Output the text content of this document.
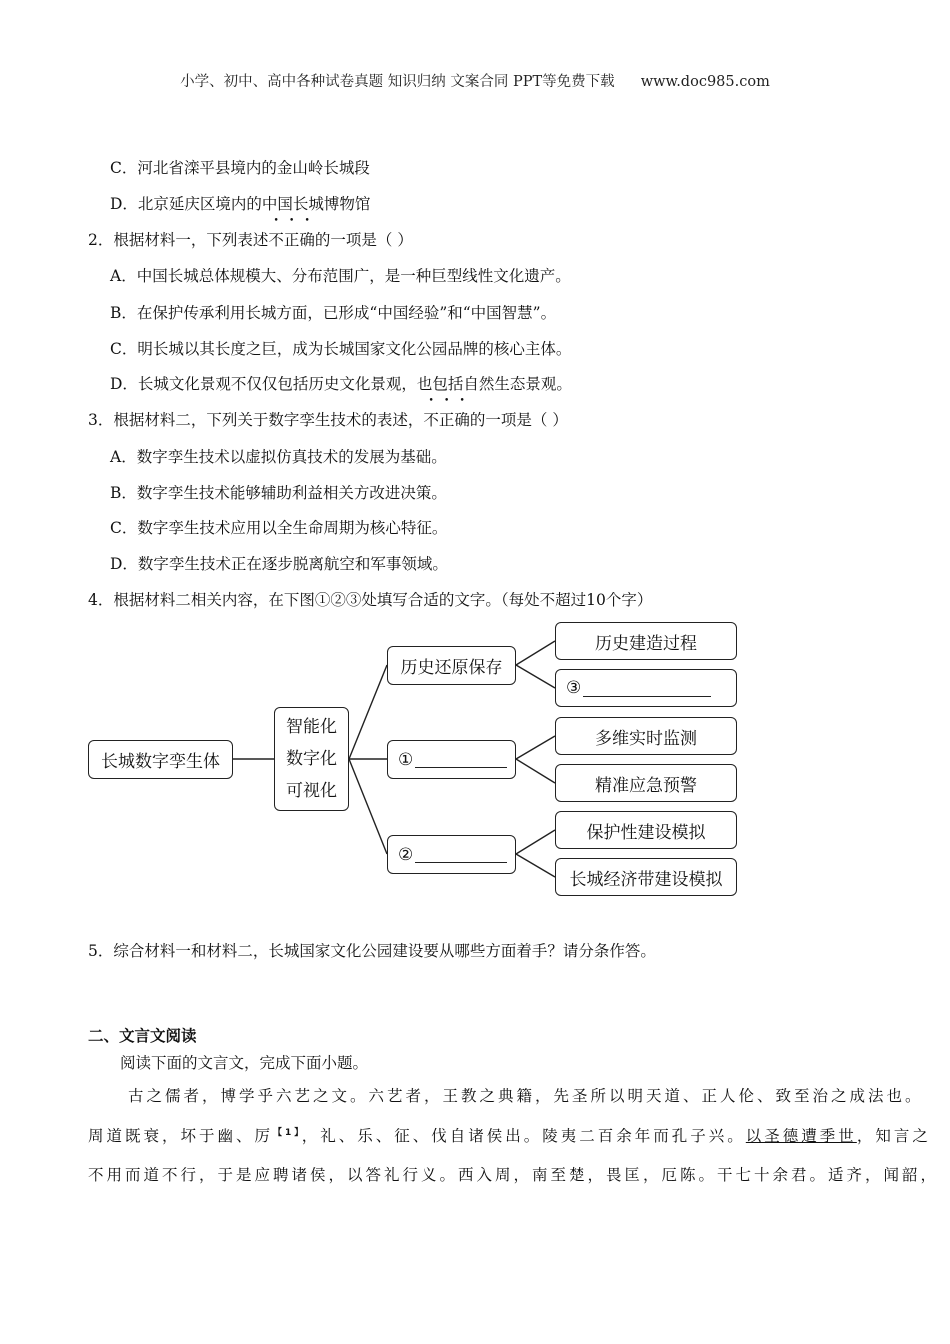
小学、初中、高中各种试卷真题 知识归纳 文案合同 PPT等免费下载 www.doc985.com
C．河北省滦平县境内的金山岭长城段
D．北京延庆区境内的中国长城博物馆
2．根据材料一，下列表述不正确的一项是（ ）
A．中国长城总体规模大、分布范围广，是一种巨型线性文化遗产。
B．在保护传承利用长城方面，已形成“中国经验”和“中国智慧”。
C．明长城以其长度之巨，成为长城国家文化公园品牌的核心主体。
D．长城文化景观不仅仅包括历史文化景观，也包括自然生态景观。
3．根据材料二，下列关于数字孪生技术的表述，不正确的一项是（ ）
A．数字孪生技术以虚拟仿真技术的发展为基础。
B．数字孪生技术能够辅助利益相关方改进决策。
C．数字孪生技术应用以全生命周期为核心特征。
D．数字孪生技术正在逐步脱离航空和军事领域。
4．根据材料二相关内容，在下图①②③处填写合适的文字。（每处不超过10个字）
长城数字孪生体
智能化
数字化
可视化
历史还原保存
①
②
历史建造过程
③
多维实时监测
精准应急预警
保护性建设模拟
长城经济带建设模拟
5．综合材料一和材料二，长城国家文化公园建设要从哪些方面着手？请分条作答。
二、文言文阅读
阅读下面的文言文，完成下面小题。
古之儒者，博学乎六艺之文。六艺者，王教之典籍，先圣所以明天道、正人伦、致至治之成法也。
周道既衰，坏于幽、厉$^{【1】}$，礼、乐、征、伐自诸侯出。陵夷二百余年而孔子兴。以圣德遭季世，知言之
不用而道不行，于是应聘诸侯，以答礼行义。西入周，南至楚，畏匡，厄陈。干七十余君。适齐，闻韶，
